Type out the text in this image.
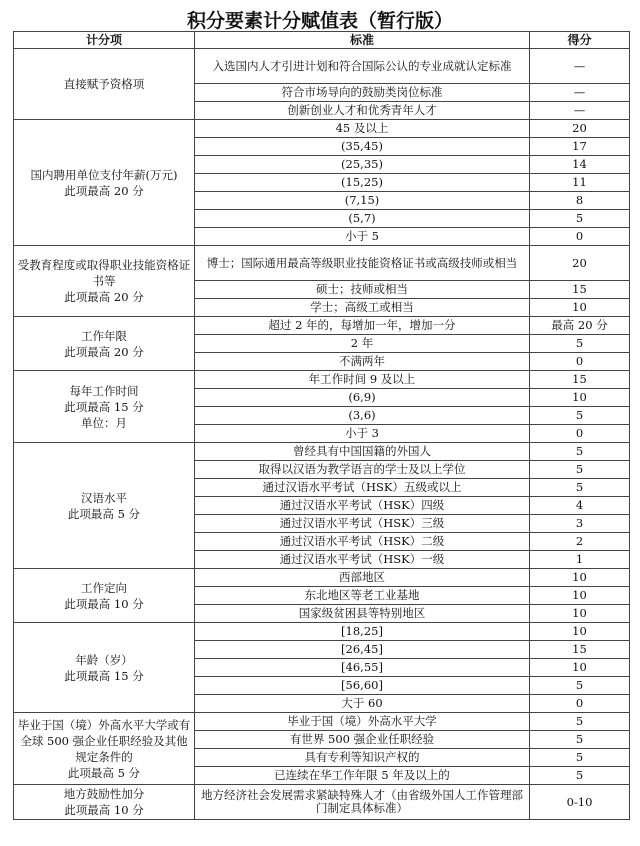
积分要素计分赋值表（暂行版）
计分项	标准	得分

直接赋予资格项	入选国内人才引进计划和符合国际公认的专业成就认定标准	—
	符合市场导向的鼓励类岗位标准	—
	创新创业人才和优秀青年人才	—

国内聘用单位支付年薪(万元)
此项最高 20 分	45 及以上	20
	(35,45)	17
	(25,35)	14
	(15,25)	11
	(7,15)	8
	(5,7)	5
	小于 5	0

受教育程度或取得职业技能资格证书等
此项最高 20 分	博士；国际通用最高等级职业技能资格证书或高级技师或相当	20
	硕士；技师或相当	15
	学士；高级工或相当	10

工作年限
此项最高 20 分	超过 2 年的，每增加一年，增加一分	最高 20 分
	2 年	5
	不满两年	0

每年工作时间
此项最高 15 分
单位：月	年工作时间 9 及以上	15
	(6,9)	10
	(3,6)	5
	小于 3	0

汉语水平
此项最高 5 分	曾经具有中国国籍的外国人	5
	取得以汉语为教学语言的学士及以上学位	5
	通过汉语水平考试（HSK）五级或以上	5
	通过汉语水平考试（HSK）四级	4
	通过汉语水平考试（HSK）三级	3
	通过汉语水平考试（HSK）二级	2
	通过汉语水平考试（HSK）一级	1

工作定向
此项最高 10 分	西部地区	10
	东北地区等老工业基地	10
	国家级贫困县等特别地区	10

年龄（岁）
此项最高 15 分	[18,25]	10
	[26,45]	15
	[46,55]	10
	[56,60]	5
	大于 60	0

毕业于国（境）外高水平大学或有全球 500 强企业任职经验及其他规定条件的
此项最高 5 分	毕业于国（境）外高水平大学	5
	有世界 500 强企业任职经验	5
	具有专利等知识产权的	5
	已连续在华工作年限 5 年及以上的	5

地方鼓励性加分
此项最高 10 分	地方经济社会发展需求紧缺特殊人才（由省级外国人工作管理部门制定具体标准）	0-10
